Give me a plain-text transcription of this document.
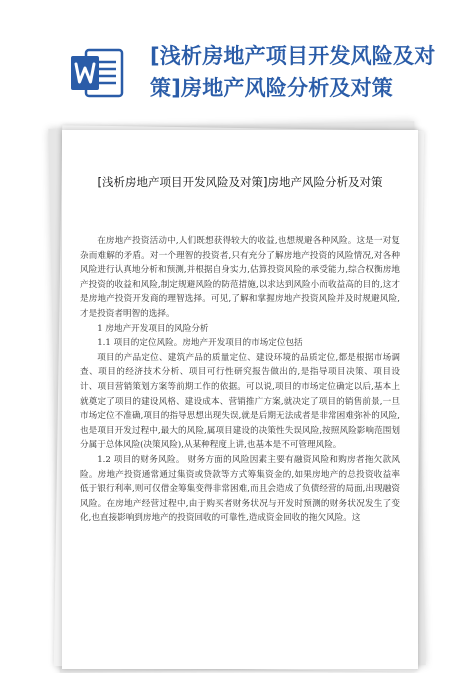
[浅析房地产项目开发风险及对策]房地产风险分析及对策
[浅析房地产项目开发风险及对策]房地产风险分析及对策

在房地产投资活动中,人们既想获得较大的收益,也想规避各种风险。这是一对复杂而难解的矛盾。对一个理智的投资者,只有充分了解房地产投资的风险情况,对各种风险进行认真地分析和预测,并根据自身实力,估算投资风险的承受能力,综合权衡房地产投资的收益和风险,制定规避风险的防范措施,以求达到风险小而收益高的目的,这才是房地产投资开发商的理智选择。可见,了解和掌握房地产投资风险并及时规避风险,才是投资者明智的选择。

1 房地产开发项目的风险分析

1.1 项目的定位风险。房地产开发项目的市场定位包括

项目的产品定位、建筑产品的质量定位、建设环境的品质定位,都是根据市场调查、项目的经济技术分析、项目可行性研究报告做出的,是指导项目决策、项目设计、项目营销策划方案等前期工作的依据。可以说,项目的市场定位确定以后,基本上就奠定了项目的建设风格、建设成本、营销推广方案,就决定了项目的销售前景,一旦市场定位不准确,项目的指导思想出现失误,就是后期无法成者是非常困难弥补的风险,也是项目开发过程中,最大的风险,属项目建设的决策性失误风险,按照风险影响范围划分属于总体风险(决策风险),从某种程度上讲,也基本是不可管理风险。

1.2 项目的财务风险。 财务方面的风险因素主要有融资风险和购房者拖欠款风险。房地产投资通常通过集资或贷款等方式筹集资金的,如果房地产的总投资收益率低于银行利率,则可仅借金筹集变得非常困难,而且会造成了负债经营的局面,出现融资风险。在房地产经营过程中,由于购买者财务状况与开发时预测的财务状况发生了变化,也直接影响到房地产的投资回收的可靠性,造成资金回收的拖欠风险。这
